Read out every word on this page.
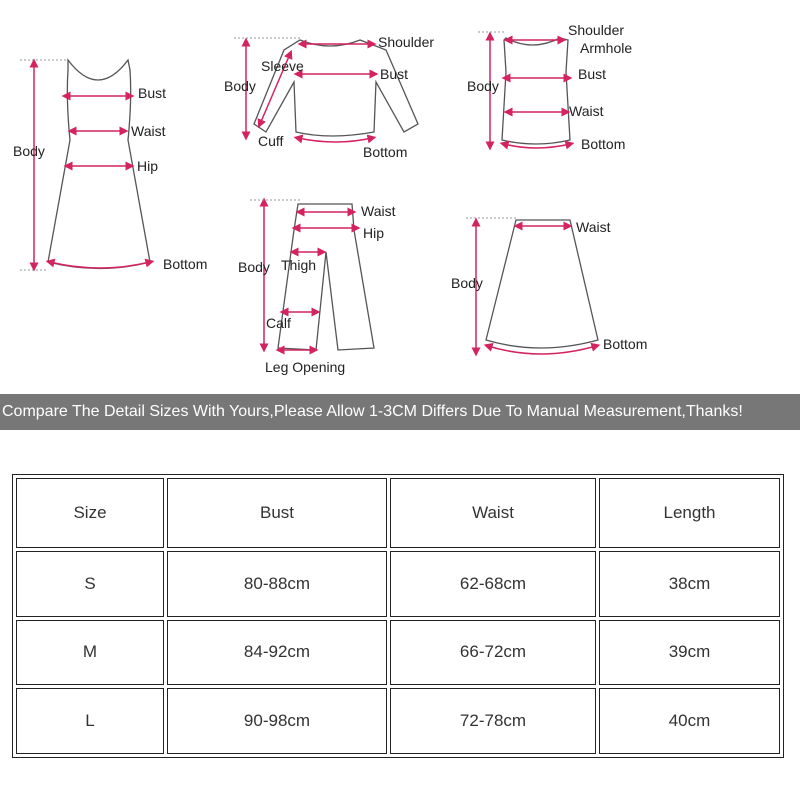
Bust
Waist
Hip
Body
Bottom
Shoulder
Sleeve
Body
Bust
Cuff
Bottom
Shoulder
Armhole
Body
Bust
Waist
Bottom
Waist
Hip
Body Thigh
Calf
Leg Opening
Waist
Body
Bottom
Compare The Detail Sizes With Yours,Please Allow 1-3CM Differs Due To Manual Measurement,Thanks!
Size	Bust	Waist	Length
S	80-88cm	62-68cm	38cm
M	84-92cm	66-72cm	39cm
L	90-98cm	72-78cm	40cm
